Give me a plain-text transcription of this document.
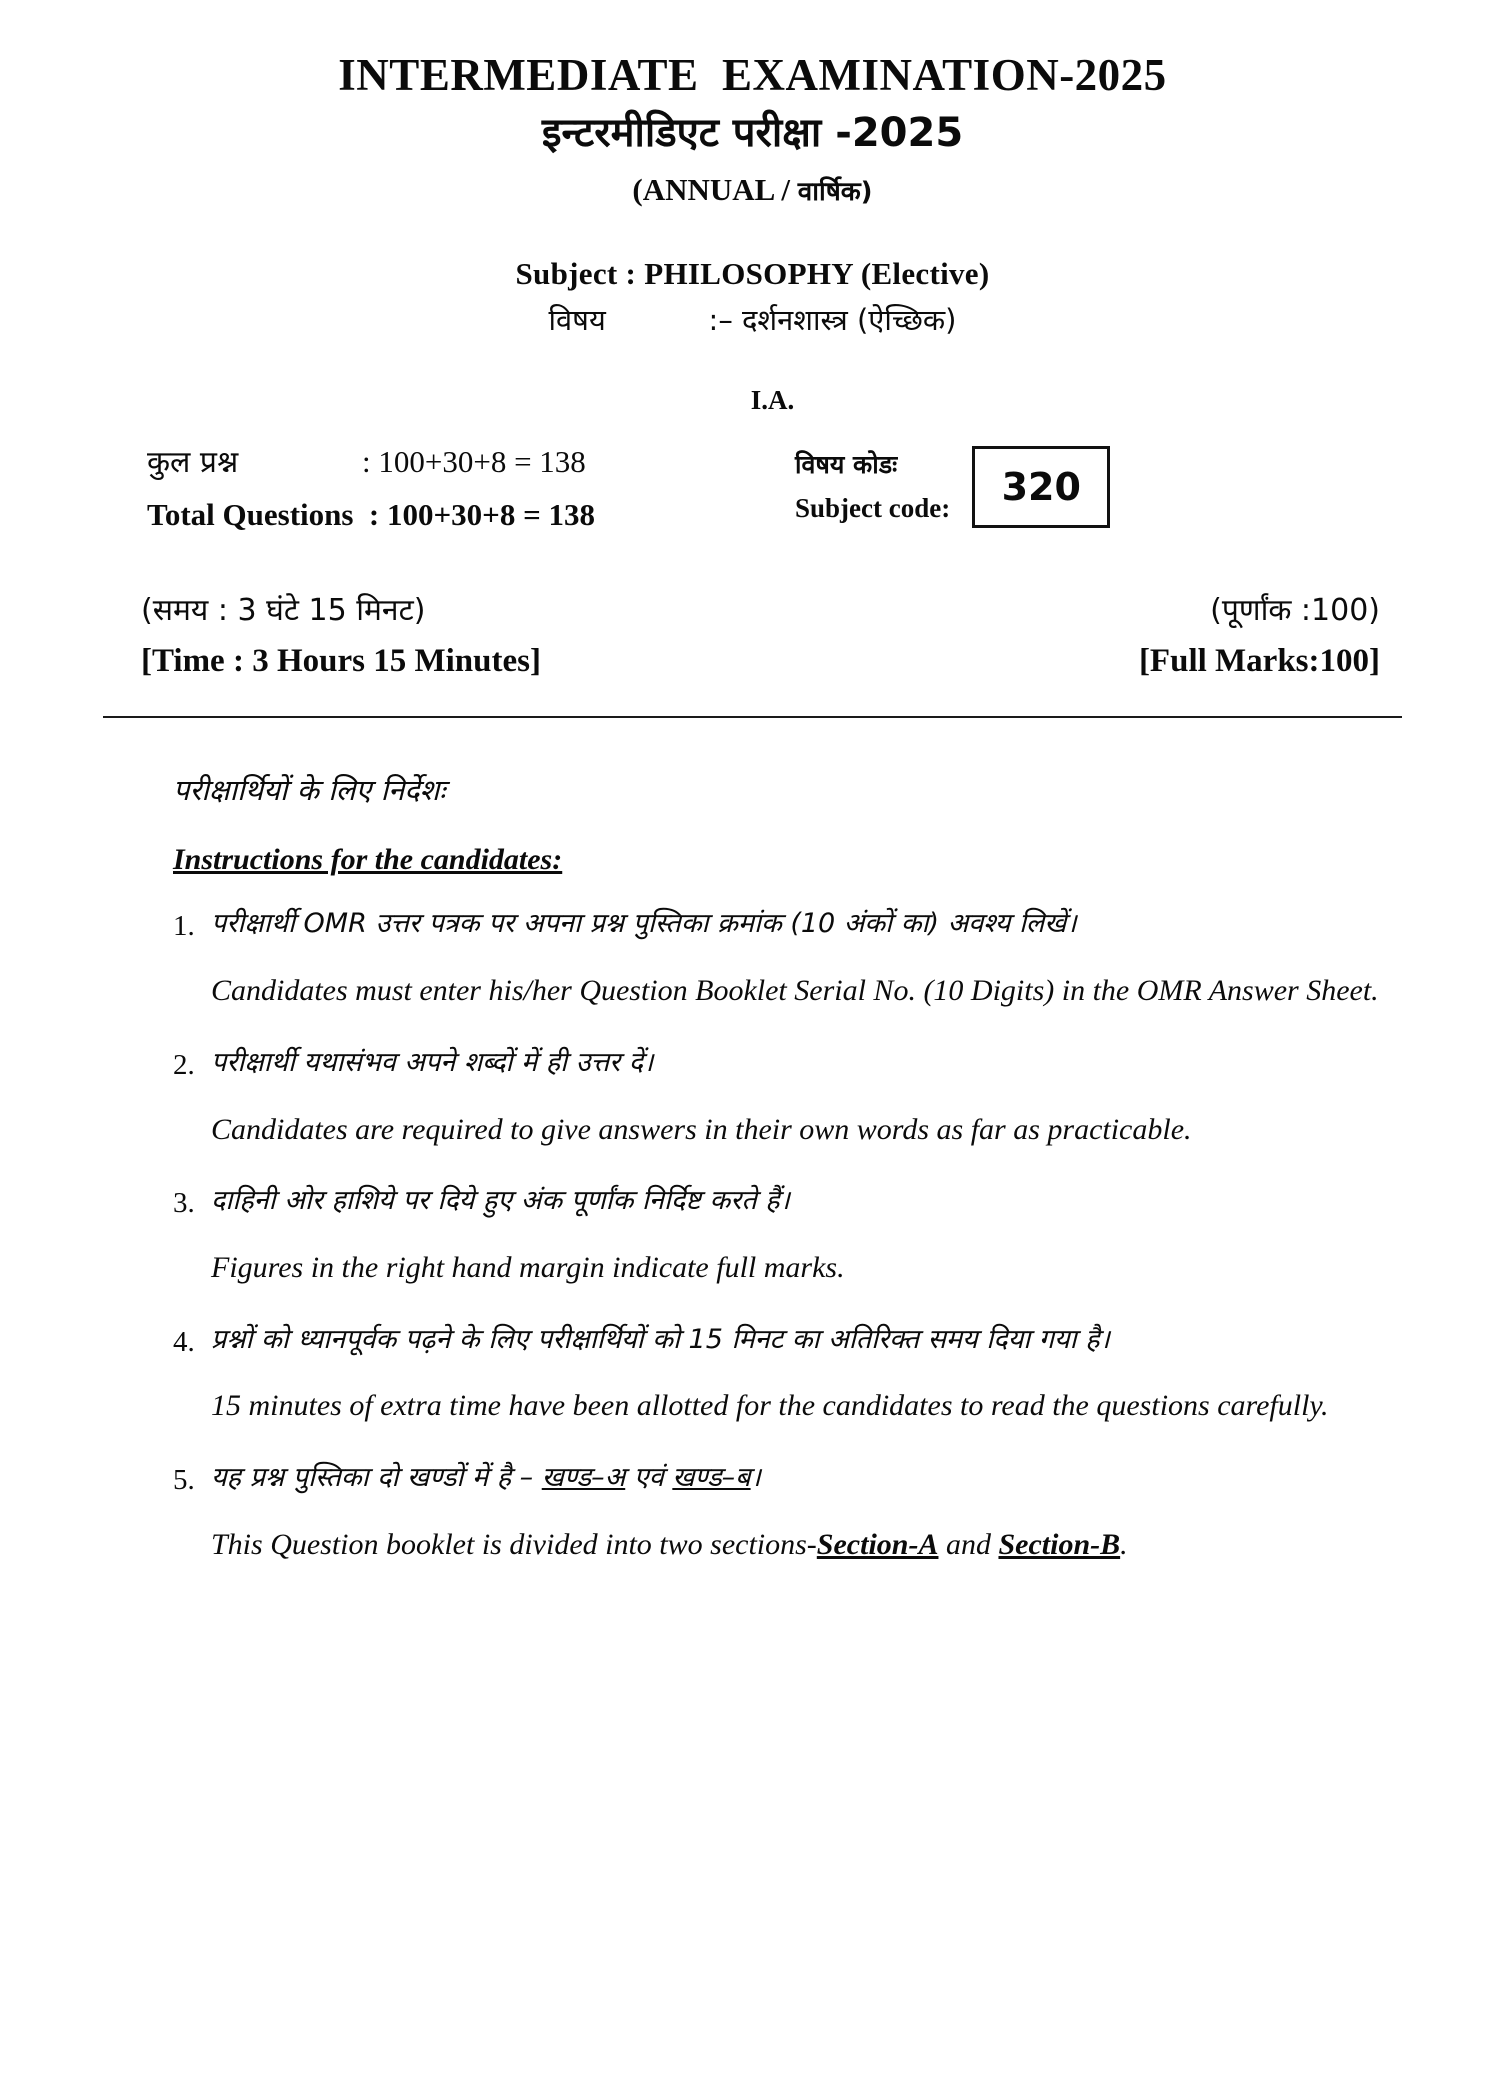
INTERMEDIATE  EXAMINATION-2025
इन्टरमीडिएट परीक्षा -2025
(ANNUAL / वार्षिक)
Subject : PHILOSOPHY (Elective)
विषय	:– दर्शनशास्त्र (ऐच्छिक)
I.A.
कुल प्रश्न	: 100+30+8 = 138
Total Questions  : 100+30+8 = 138
विषय कोडः
Subject code:	320
(समय : 3 घंटे 15 मिनट)
[Time : 3 Hours 15 Minutes]
(पूर्णांक :100)
[Full Marks:100]
परीक्षार्थियों के लिए निर्देशः
Instructions for the candidates:
1. परीक्षार्थी OMR उत्तर पत्रक पर अपना प्रश्न पुस्तिका क्रमांक (10 अंकों का) अवश्य लिखें।
Candidates must enter his/her Question Booklet Serial No. (10 Digits) in the OMR Answer Sheet.
2. परीक्षार्थी यथासंभव अपने शब्दों में ही उत्तर दें।
Candidates are required to give answers in their own words as far as practicable.
3. दाहिनी ओर हाशिये पर दिये हुए अंक पूर्णांक निर्दिष्ट करते हैं।
Figures in the right hand margin indicate full marks.
4. प्रश्नों को ध्यानपूर्वक पढ़ने के लिए परीक्षार्थियों को 15 मिनट का अतिरिक्त समय दिया गया है।
15 minutes of extra time have been allotted for the candidates to read the questions carefully.
5. यह प्रश्न पुस्तिका दो खण्डों में है – खण्ड–अ एवं खण्ड–ब।
This Question booklet is divided into two sections-Section-A and Section-B.
